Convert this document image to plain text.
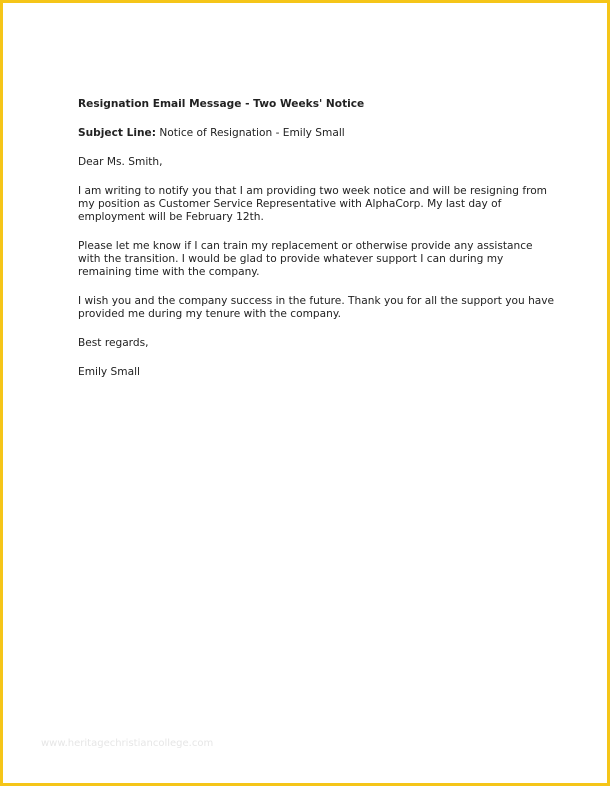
Resignation Email Message - Two Weeks' Notice
Subject Line: Notice of Resignation - Emily Small

Dear Ms. Smith,

I am writing to notify you that I am providing two week notice and will be resigning from my position as Customer Service Representative with AlphaCorp. My last day of employment will be February 12th.

Please let me know if I can train my replacement or otherwise provide any assistance with the transition. I would be glad to provide whatever support I can during my remaining time with the company.

I wish you and the company success in the future. Thank you for all the support you have provided me during my tenure with the company.

Best regards,

Emily Small

www.heritagechristiancollege.com
